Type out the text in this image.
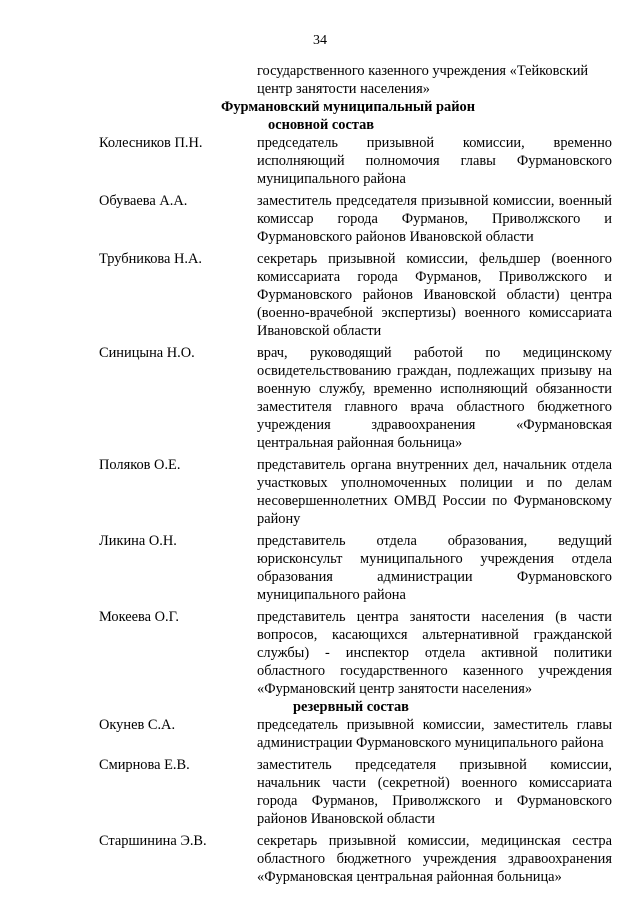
34
государственного казенного учреждения «Тейковский
центр занятости населения»
Фурмановский муниципальный район
основной состав
Колесников П.Н.	председатель призывной комиссии, временно исполняющий полномочия главы Фурмановского муниципального района
Обуваева А.А.	заместитель председателя призывной комиссии, военный комиссар города Фурманов, Приволжского и Фурмановского районов Ивановской области
Трубникова Н.А.	секретарь призывной комиссии, фельдшер (военного комиссариата города Фурманов, Приволжского и Фурмановского районов Ивановской области) центра (военно-врачебной экспертизы) военного комиссариата Ивановской области
Синицына Н.О.	врач, руководящий работой по медицинскому освидетельствованию граждан, подлежащих призыву на военную службу, временно исполняющий обязанности заместителя главного врача областного бюджетного учреждения здравоохранения «Фурмановская центральная районная больница»
Поляков О.Е.	представитель органа внутренних дел, начальник отдела участковых уполномоченных полиции и по делам несовершеннолетних ОМВД России по Фурмановскому району
Ликина О.Н.	представитель отдела образования, ведущий юрисконсульт муниципального учреждения отдела образования администрации Фурмановского муниципального района
Мокеева О.Г.	представитель центра занятости населения (в части вопросов, касающихся альтернативной гражданской службы) - инспектор отдела активной политики областного государственного казенного учреждения «Фурмановский центр занятости населения»
резервный состав
Окунев С.А.	председатель призывной комиссии, заместитель главы администрации Фурмановского муниципального района
Смирнова Е.В.	заместитель председателя призывной комиссии, начальник части (секретной) военного комиссариата города Фурманов, Приволжского и Фурмановского районов Ивановской области
Старшинина Э.В.	секретарь призывной комиссии, медицинская сестра областного бюджетного учреждения здравоохранения «Фурмановская центральная районная больница»
